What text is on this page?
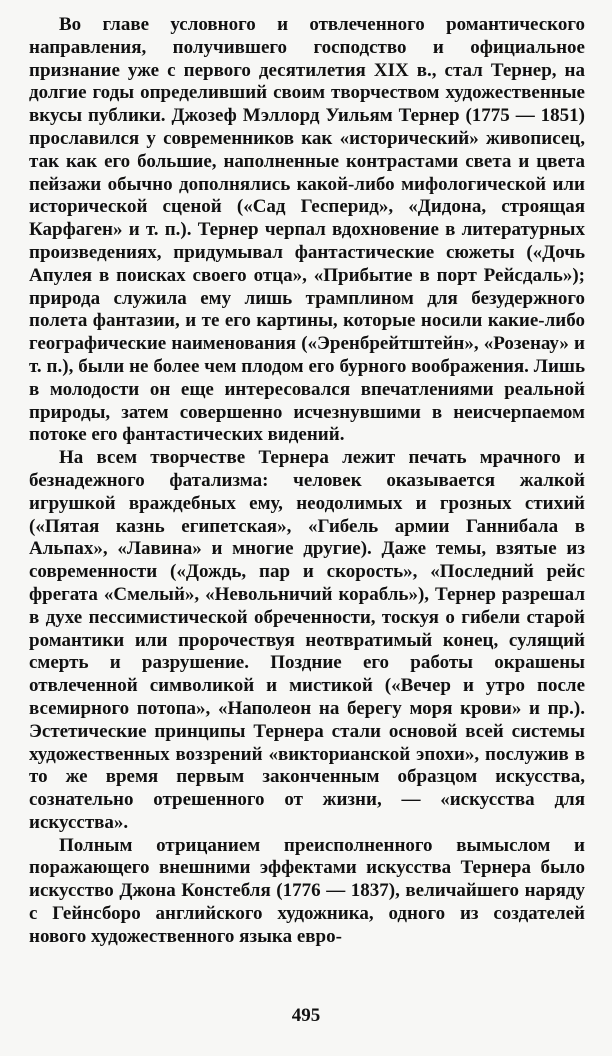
Во главе условного и отвлеченного романтического направления, получившего господство и официальное признание уже с первого десятилетия XIX в., стал Тернер, на долгие годы определивший своим творчеством художественные вкусы публики. Джозеф Мэллорд Уильям Тернер (1775 — 1851) прославился у современников как «исторический» живописец, так как его большие, наполненные контрастами света и цвета пейзажи обычно дополнялись какой-либо мифологической или исторической сценой («Сад Гесперид», «Дидона, строящая Карфаген» и т. п.). Тернер черпал вдохновение в литературных произведениях, придумывал фантастические сюжеты («Дочь Апулея в поисках своего отца», «Прибытие в порт Рейсдаль»); природа служила ему лишь трамплином для безудержного полета фантазии, и те его картины, которые носили какие-либо географические наименования («Эренбрейтштейн», «Розенау» и т. п.), были не более чем плодом его бурного воображения. Лишь в молодости он еще интересовался впечатлениями реальной природы, затем совершенно исчезнувшими в неисчерпаемом потоке его фантастических видений.

На всем творчестве Тернера лежит печать мрачного и безнадежного фатализма: человек оказывается жалкой игрушкой враждебных ему, неодолимых и грозных стихий («Пятая казнь египетская», «Гибель армии Ганнибала в Альпах», «Лавина» и многие другие). Даже темы, взятые из современности («Дождь, пар и скорость», «Последний рейс фрегата «Смелый», «Невольничий корабль»), Тернер разрешал в духе пессимистической обреченности, тоскуя о гибели старой романтики или пророчествуя неотвратимый конец, сулящий смерть и разрушение. Поздние его работы окрашены отвлеченной символикой и мистикой («Вечер и утро после всемирного потопа», «Наполеон на берегу моря крови» и пр.). Эстетические принципы Тернера стали основой всей системы художественных воззрений «викторианской эпохи», послужив в то же время первым законченным образцом искусства, сознательно отрешенного от жизни, — «искусства для искусства».

Полным отрицанием преисполненного вымыслом и поражающего внешними эффектами искусства Тернера было искусство Джона Констебля (1776 — 1837), величайшего наряду с Гейнсборо английского художника, одного из создателей нового художественного языка евро-

495
